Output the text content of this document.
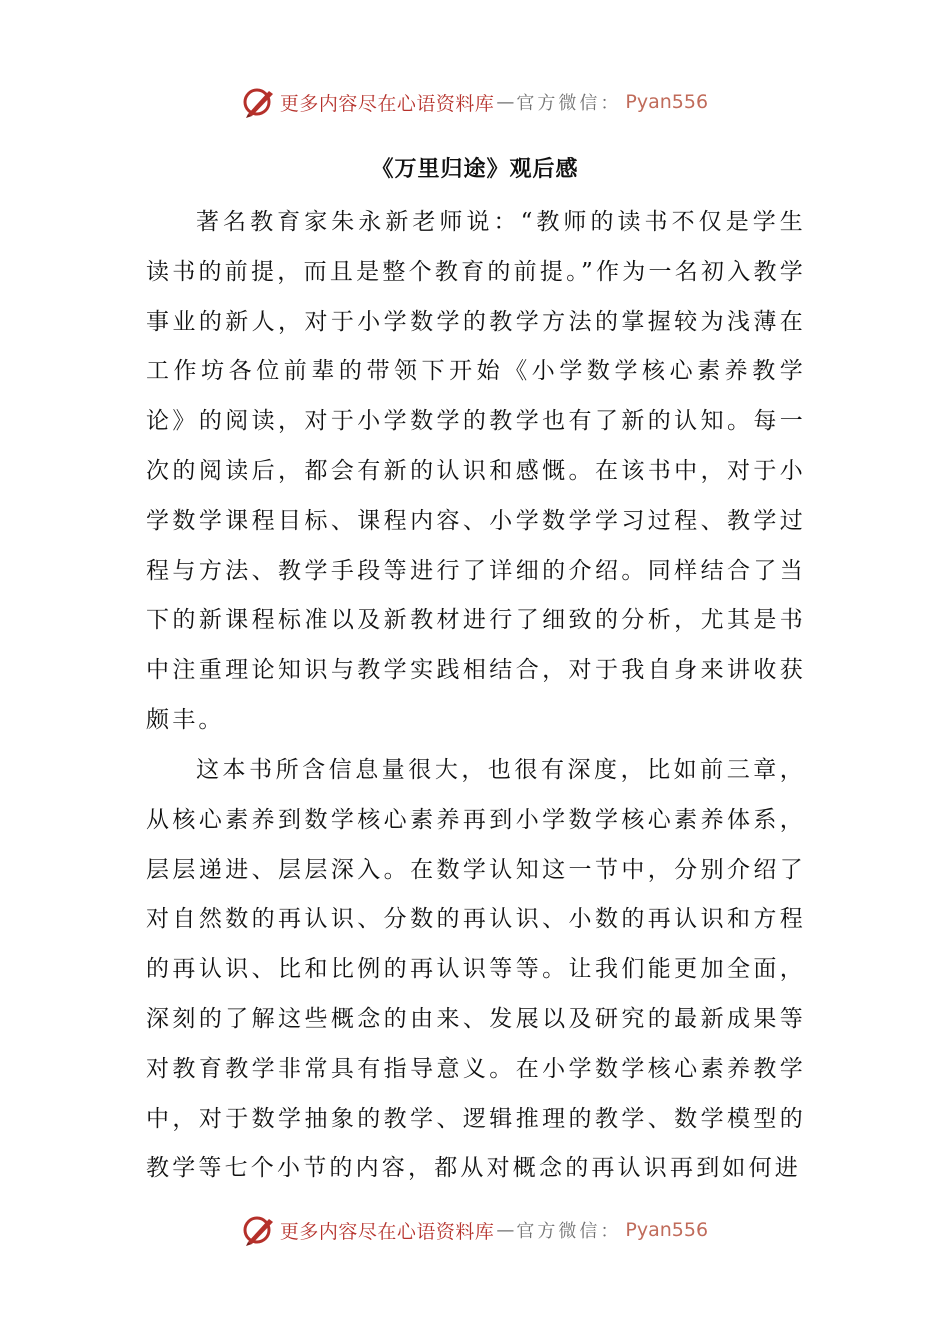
更多内容尽在心语资料库 — 官方微信： Pyan556
《万里归途》观后感

著名教育家朱永新老师说：“教师的读书不仅是学生读书的前提，而且是整个教育的前提。”作为一名初入教学事业的新人，对于小学数学的教学方法的掌握较为浅薄在工作坊各位前辈的带领下开始《小学数学核心素养教学论》的阅读，对于小学数学的教学也有了新的认知。每一次的阅读后，都会有新的认识和感慨。在该书中，对于小学数学课程目标、课程内容、小学数学学习过程、教学过程与方法、教学手段等进行了详细的介绍。同样结合了当下的新课程标准以及新教材进行了细致的分析，尤其是书中注重理论知识与教学实践相结合，对于我自身来讲收获颇丰。

这本书所含信息量很大，也很有深度，比如前三章，从核心素养到数学核心素养再到小学数学核心素养体系，层层递进、层层深入。在数学认知这一节中，分别介绍了对自然数的再认识、分数的再认识、小数的再认识和方程的再认识、比和比例的再认识等等。让我们能更加全面，深刻的了解这些概念的由来、发展以及研究的最新成果等对教育教学非常具有指导意义。在小学数学核心素养教学中，对于数学抽象的教学、逻辑推理的教学、数学模型的教学等七个小节的内容，都从对概念的再认识再到如何进

更多内容尽在心语资料库 — 官方微信： Pyan556
